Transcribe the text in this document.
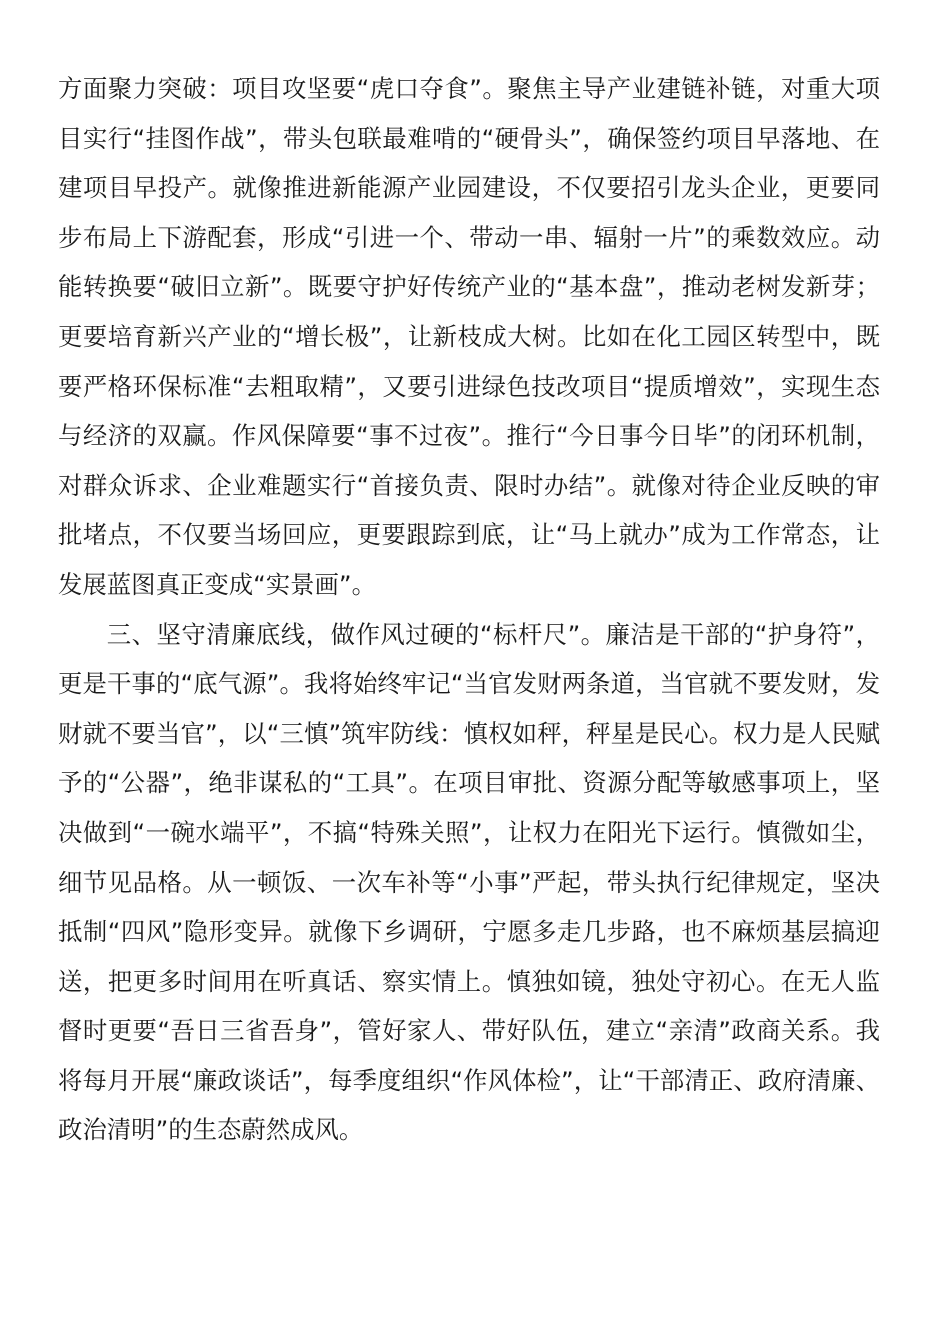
方面聚力突破：项目攻坚要“虎口夺食”。聚焦主导产业建链补链，对重大项目实行“挂图作战”，带头包联最难啃的“硬骨头”，确保签约项目早落地、在建项目早投产。就像推进新能源产业园建设，不仅要招引龙头企业，更要同步布局上下游配套，形成“引进一个、带动一串、辐射一片”的乘数效应。动能转换要“破旧立新”。既要守护好传统产业的“基本盘”，推动老树发新芽；更要培育新兴产业的“增长极”，让新枝成大树。比如在化工园区转型中，既要严格环保标准“去粗取精”，又要引进绿色技改项目“提质增效”，实现生态与经济的双赢。作风保障要“事不过夜”。推行“今日事今日毕”的闭环机制，对群众诉求、企业难题实行“首接负责、限时办结”。就像对待企业反映的审批堵点，不仅要当场回应，更要跟踪到底，让“马上就办”成为工作常态，让发展蓝图真正变成“实景画”。

三、坚守清廉底线，做作风过硬的“标杆尺”。廉洁是干部的“护身符”，更是干事的“底气源”。我将始终牢记“当官发财两条道，当官就不要发财，发财就不要当官”，以“三慎”筑牢防线：慎权如秤，秤星是民心。权力是人民赋予的“公器”，绝非谋私的“工具”。在项目审批、资源分配等敏感事项上，坚决做到“一碗水端平”，不搞“特殊关照”，让权力在阳光下运行。慎微如尘，细节见品格。从一顿饭、一次车补等“小事”严起，带头执行纪律规定，坚决抵制“四风”隐形变异。就像下乡调研，宁愿多走几步路，也不麻烦基层搞迎送，把更多时间用在听真话、察实情上。慎独如镜，独处守初心。在无人监督时更要“吾日三省吾身”，管好家人、带好队伍，建立“亲清”政商关系。我将每月开展“廉政谈话”，每季度组织“作风体检”，让“干部清正、政府清廉、政治清明”的生态蔚然成风。
